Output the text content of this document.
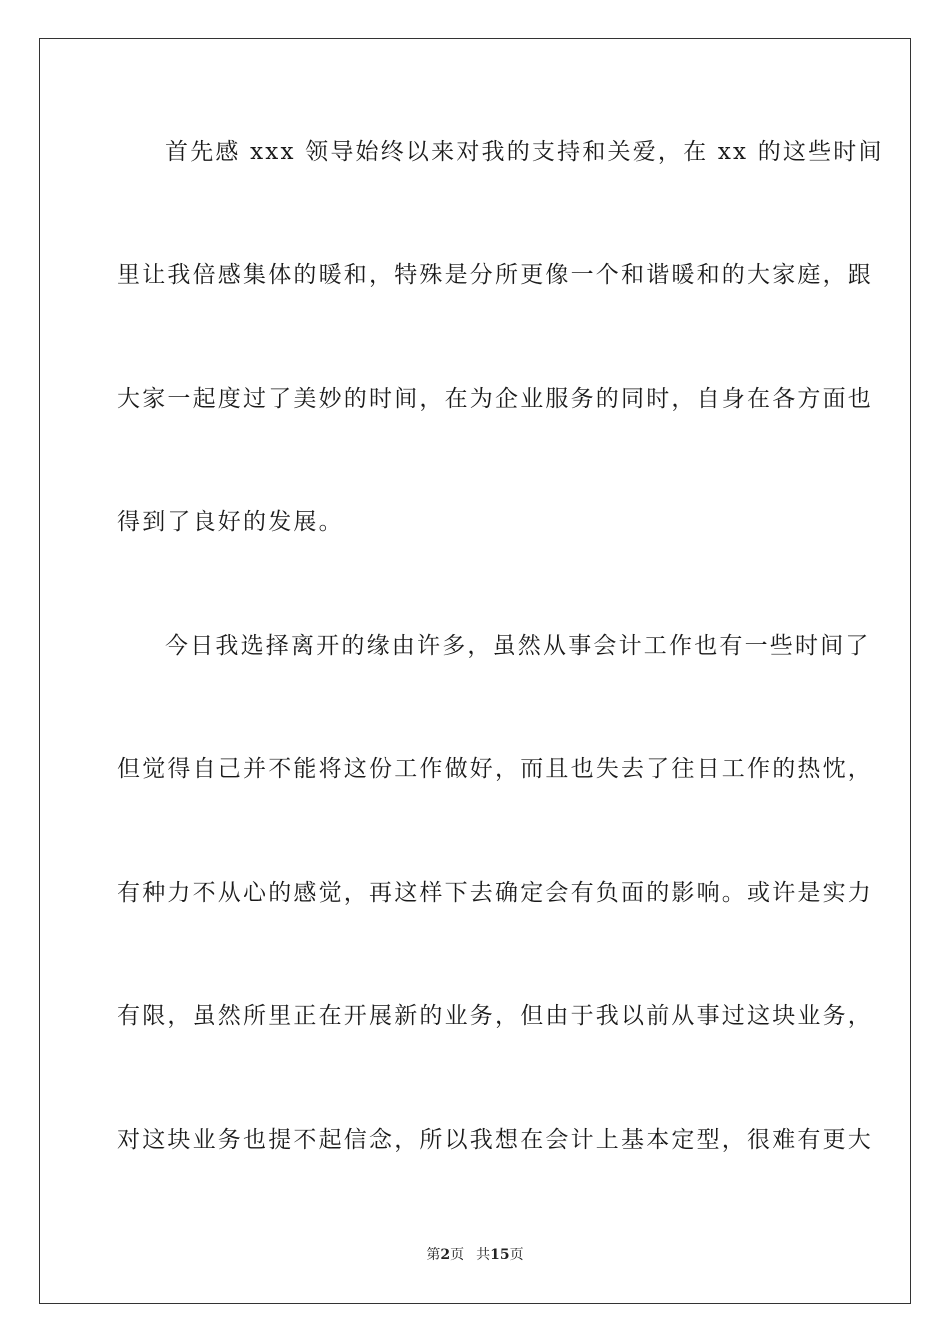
首先感 xxx 领导始终以来对我的支持和关爱，在 xx 的这些时间
里让我倍感集体的暖和，特殊是分所更像一个和谐暖和的大家庭，跟
大家一起度过了美妙的时间，在为企业服务的同时，自身在各方面也
得到了良好的发展。
今日我选择离开的缘由许多，虽然从事会计工作也有一些时间了
但觉得自己并不能将这份工作做好，而且也失去了往日工作的热忱，
有种力不从心的感觉，再这样下去确定会有负面的影响。或许是实力
有限，虽然所里正在开展新的业务，但由于我以前从事过这块业务，
对这块业务也提不起信念，所以我想在会计上基本定型，很难有更大
第2页 共15页
